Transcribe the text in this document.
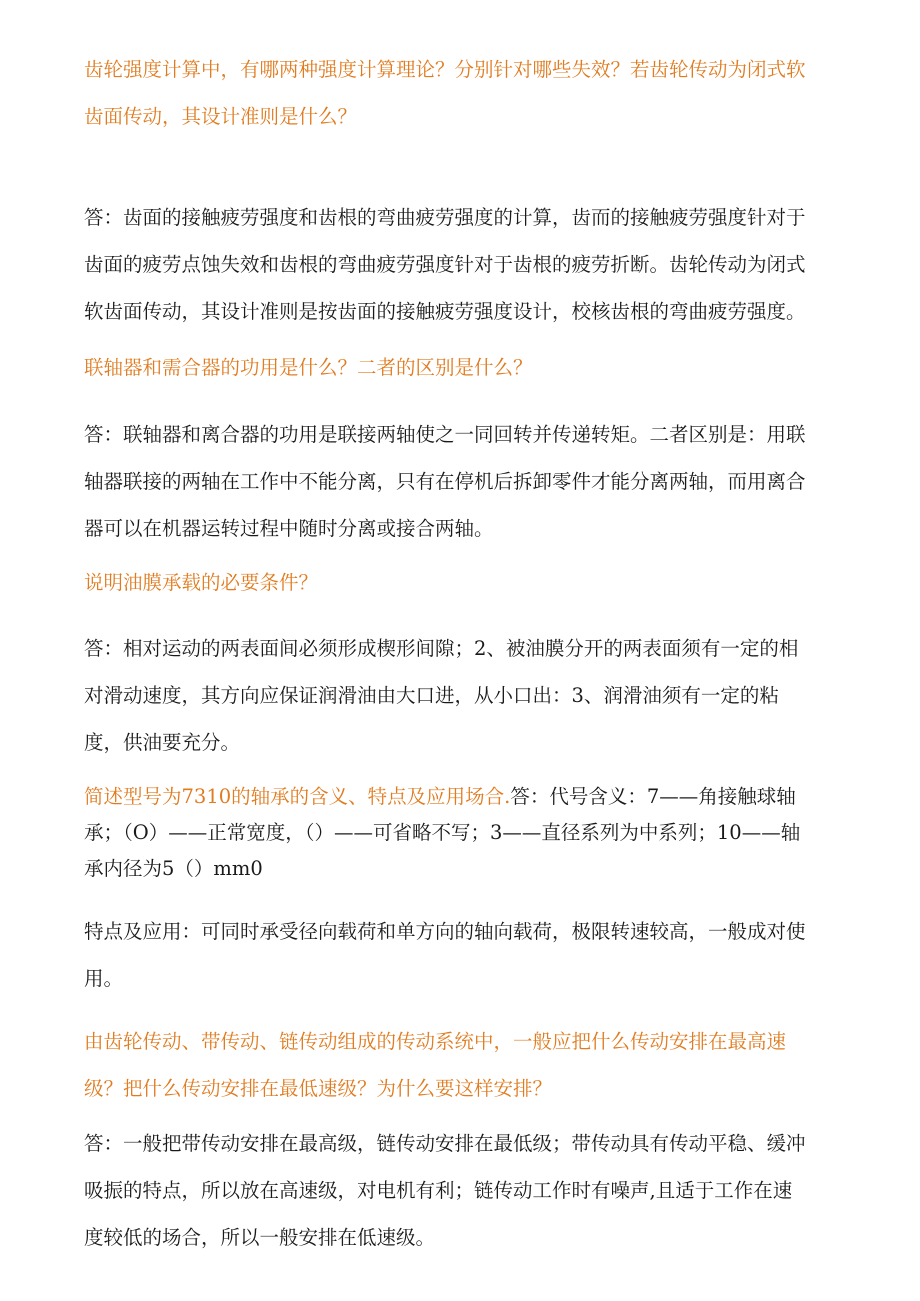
齿轮强度计算中，有哪两种强度计算理论？分别针对哪些失效？若齿轮传动为闭式软
齿面传动，其设计准则是什么？
答：齿面的接触疲劳强度和齿根的弯曲疲劳强度的计算，齿而的接触疲劳强度针对于
齿面的疲劳点蚀失效和齿根的弯曲疲劳强度针对于齿根的疲劳折断。齿轮传动为闭式
软齿面传动，其设计准则是按齿面的接触疲劳强度设计，校核齿根的弯曲疲劳强度。
联轴器和需合器的功用是什么？二者的区别是什么？
答：联轴器和离合器的功用是联接两轴使之一同回转并传递转矩。二者区别是：用联
轴器联接的两轴在工作中不能分离，只有在停机后拆卸零件才能分离两轴，而用离合
器可以在机器运转过程中随时分离或接合两轴。
说明油膜承载的必要条件？
答：相对运动的两表面间必须形成楔形间隙；2、被油膜分开的两表面须有一定的相
对滑动速度，其方向应保证润滑油由大口进，从小口出：3、润滑油须有一定的粘
度，供油要充分。
简述型号为7310的轴承的含义、特点及应用场合.答：代号含义：7——角接触球轴
承；（O）——正常宽度，（）——可省略不写；3——直径系列为中系列；10——轴
承内径为5（）mm0
特点及应用：可同时承受径向载荷和单方向的轴向载荷，极限转速较高，一般成对使
用。
由齿轮传动、带传动、链传动组成的传动系统中，一般应把什么传动安排在最高速
级？把什么传动安排在最低速级？为什么要这样安排？
答：一般把带传动安排在最高级，链传动安排在最低级；带传动具有传动平稳、缓冲
吸振的特点，所以放在高速级，对电机有利；链传动工作时有噪声,且适于工作在速
度较低的场合，所以一般安排在低速级。
